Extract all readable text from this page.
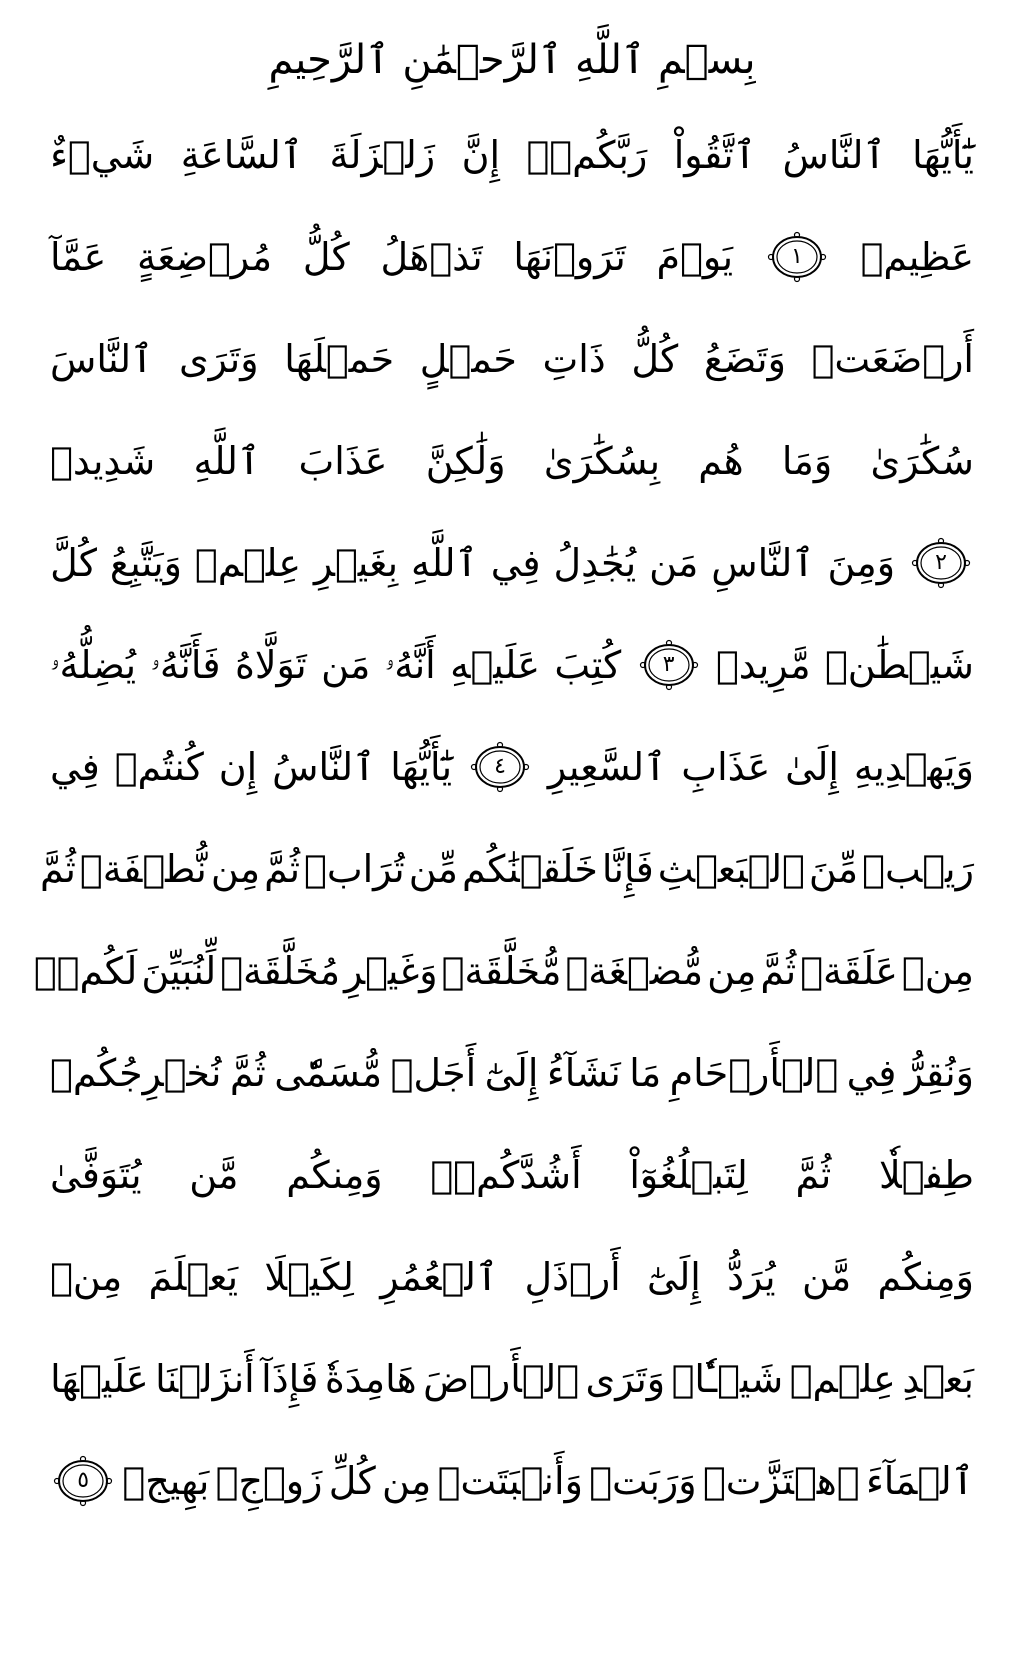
بِسۡمِ ٱللَّهِ ٱلرَّحۡمَٰنِ ٱلرَّحِيمِ
يَٰٓأَيُّهَا
ٱلنَّاسُ
ٱتَّقُواْ
رَبَّكُمۡۚ
إِنَّ
زَلۡزَلَةَ
ٱلسَّاعَةِ
شَيۡءٌ
عَظِيمٞ
١
يَوۡمَ
تَرَوۡنَهَا
تَذۡهَلُ
كُلُّ
مُرۡضِعَةٍ
عَمَّآ
أَرۡضَعَتۡ
وَتَضَعُ
كُلُّ
ذَاتِ
حَمۡلٍ
حَمۡلَهَا
وَتَرَى
ٱلنَّاسَ
سُكَٰرَىٰ
وَمَا
هُم
بِسُكَٰرَىٰ
وَلَٰكِنَّ
عَذَابَ
ٱللَّهِ
شَدِيدٞ
٢
وَمِنَ
ٱلنَّاسِ
مَن
يُجَٰدِلُ
فِي
ٱللَّهِ
بِغَيۡرِ
عِلۡمٖ
وَيَتَّبِعُ
كُلَّ
شَيۡطَٰنٖ
مَّرِيدٖ
٣
كُتِبَ
عَلَيۡهِ
أَنَّهُۥ
مَن
تَوَلَّاهُ
فَأَنَّهُۥ
يُضِلُّهُۥ
وَيَهۡدِيهِ
إِلَىٰ
عَذَابِ
ٱلسَّعِيرِ
٤
يَٰٓأَيُّهَا
ٱلنَّاسُ
إِن
كُنتُمۡ
فِي
رَيۡبٖ
مِّنَ
ٱلۡبَعۡثِ
فَإِنَّا
خَلَقۡنَٰكُم
مِّن
تُرَابٖ
ثُمَّ
مِن
نُّطۡفَةٖ
ثُمَّ
مِنۡ
عَلَقَةٖ
ثُمَّ
مِن
مُّضۡغَةٖ
مُّخَلَّقَةٖ
وَغَيۡرِ
مُخَلَّقَةٖ
لِّنُبَيِّنَ
لَكُمۡۚ
وَنُقِرُّ
فِي
ٱلۡأَرۡحَامِ
مَا
نَشَآءُ
إِلَىٰٓ
أَجَلٖ
مُّسَمّٗى
ثُمَّ
نُخۡرِجُكُمۡ
طِفۡلٗا
ثُمَّ
لِتَبۡلُغُوٓاْ
أَشُدَّكُمۡۖ
وَمِنكُم
مَّن
يُتَوَفَّىٰ
وَمِنكُم
مَّن
يُرَدُّ
إِلَىٰٓ
أَرۡذَلِ
ٱلۡعُمُرِ
لِكَيۡلَا
يَعۡلَمَ
مِنۢ
بَعۡدِ
عِلۡمٖ
شَيۡـٔٗاۚ
وَتَرَى
ٱلۡأَرۡضَ
هَامِدَةٗ
فَإِذَآ
أَنزَلۡنَا
عَلَيۡهَا
ٱلۡمَآءَ
ٱهۡتَزَّتۡ
وَرَبَتۡ
وَأَنۢبَتَتۡ
مِن
كُلِّ
زَوۡجِۭ
بَهِيجٖ
٥
